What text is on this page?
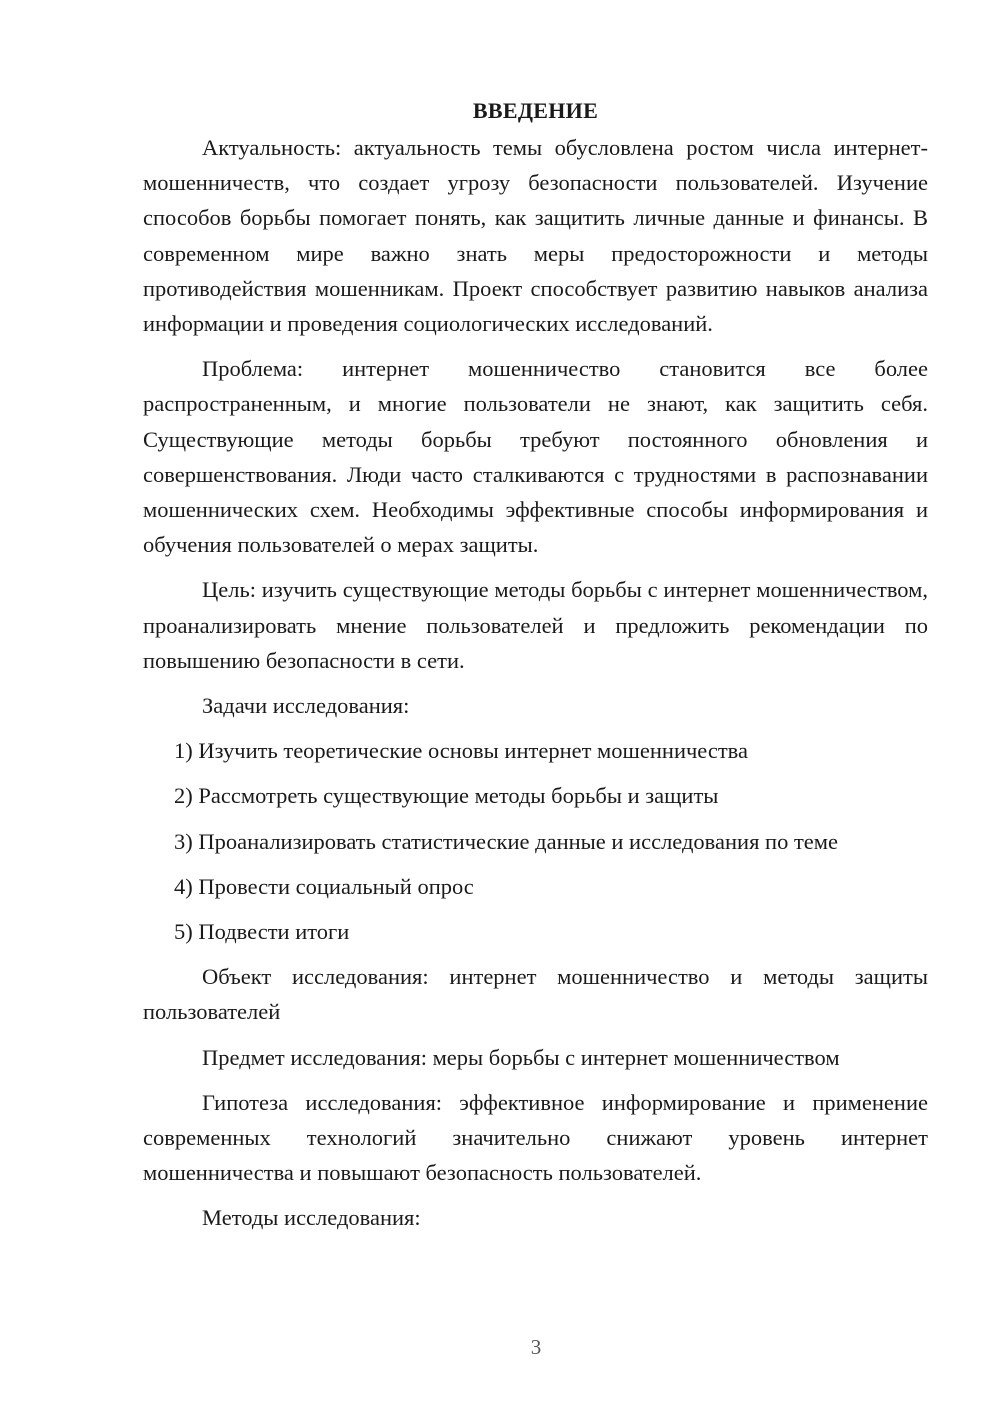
ВВЕДЕНИЕ

Актуальность: актуальность темы обусловлена ростом числа интернет-мошенничеств, что создает угрозу безопасности пользователей. Изучение способов борьбы помогает понять, как защитить личные данные и финансы. В современном мире важно знать меры предосторожности и методы противодействия мошенникам. Проект способствует развитию навыков анализа информации и проведения социологических исследований.

Проблема: интернет мошенничество становится все более распространенным, и многие пользователи не знают, как защитить себя. Существующие методы борьбы требуют постоянного обновления и совершенствования. Люди часто сталкиваются с трудностями в распознавании мошеннических схем. Необходимы эффективные способы информирования и обучения пользователей о мерах защиты.

Цель: изучить существующие методы борьбы с интернет мошенничеством, проанализировать мнение пользователей и предложить рекомендации по повышению безопасности в сети.

Задачи исследования:

1) Изучить теоретические основы интернет мошенничества
2) Рассмотреть существующие методы борьбы и защиты
3) Проанализировать статистические данные и исследования по теме
4) Провести социальный опрос
5) Подвести итоги

Объект исследования: интернет мошенничество и методы защиты пользователей

Предмет исследования: меры борьбы с интернет мошенничеством

Гипотеза исследования: эффективное информирование и применение современных технологий значительно снижают уровень интернет мошенничества и повышают безопасность пользователей.

Методы исследования:

3
